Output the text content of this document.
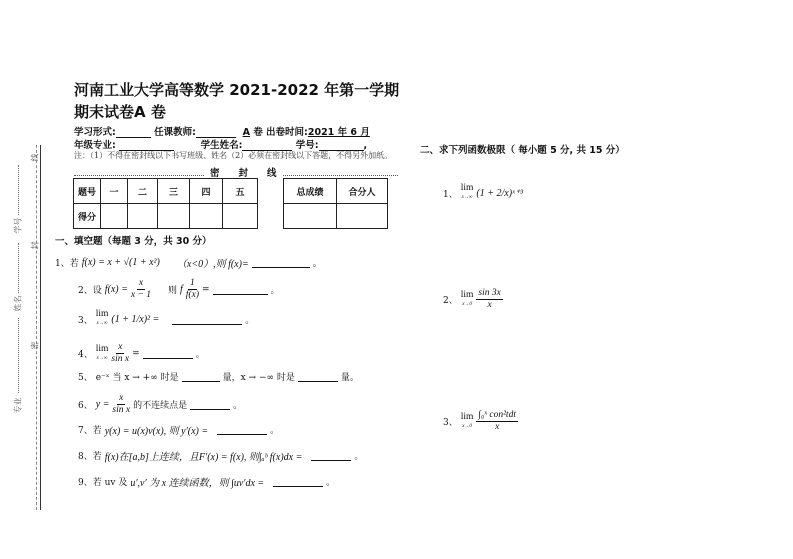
线
封
密
学号
姓名
专业
河南工业大学高等数学 2021-2022 年第一学期
期末试卷A 卷
学习形式:	任课教师:	A 卷 出卷时间:2021 年 6 月
年级专业:	学生姓名:	学号:	,
注：（1）不得在密封线以下书写班级、姓名（2）必须在密封线以下答题，不得另外加纸。
密　　封　　线
题号	一	二	三	四	五
得分					
总成绩	合分人

一、填空题（每题 3 分，共 30 分）
1、若 f(x) = x + √(1 + x²) （x<0）,则 f(x)=	。
2、设 $f(x) = \frac{x}{x - 1}$ 则 f $\frac{1}{f(x)}$ =	。
3、
lim
x→∞ (1 + 1/x)² =	。
4、
lim
$x\to\infty \frac{x}{\text{sin x}}$ =	。
5、 e⁻ˣ 当 x → +∞ 时是	量，x → −∞ 时是	量。
6、 $y = \frac{x}{\text{sin x}}$ 的不连续点是	。
7、若 y(x) = u(x)v(x), 则 y′(x) =	。
8、若 f(x)在[a,b]上连续，且F′(x) = f(x), 则∫ₐᵇ f(x)dx =	。
9、若 uv 及 u′,v′ 为 x 连续函数，则 ∫uv′dx =	。
二、求下列函数极限（ 每小题 5 分, 共 15 分）
1、
lim
x→∞ (1 + 2/x)ˣ⁺³
2、
lim
$x\to 0 \frac{\sin 3x}{x}$
3、
lim
$x\to 0 \frac{\text{∫₀ˣ con²tdt}}{x}$
